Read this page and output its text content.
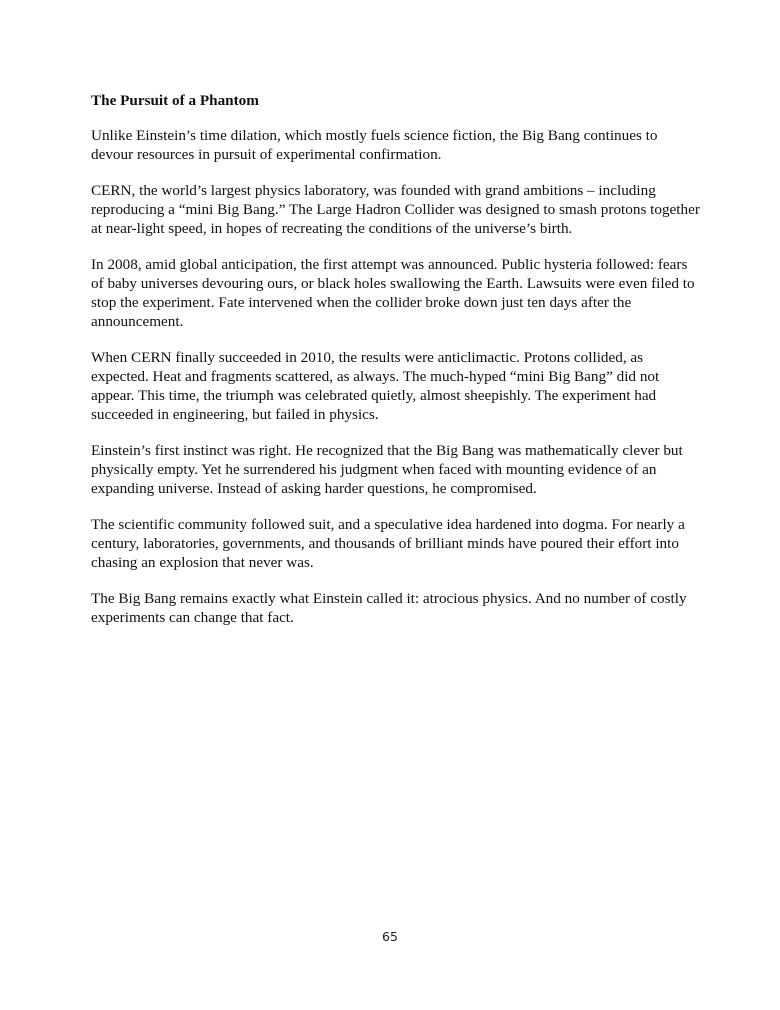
The Pursuit of a Phantom

Unlike Einstein’s time dilation, which mostly fuels science fiction, the Big Bang continues to devour resources in pursuit of experimental confirmation.

CERN, the world’s largest physics laboratory, was founded with grand ambitions – including reproducing a “mini Big Bang.” The Large Hadron Collider was designed to smash protons together at near-light speed, in hopes of recreating the conditions of the universe’s birth.

In 2008, amid global anticipation, the first attempt was announced. Public hysteria followed: fears of baby universes devouring ours, or black holes swallowing the Earth. Lawsuits were even filed to stop the experiment. Fate intervened when the collider broke down just ten days after the announcement.

When CERN finally succeeded in 2010, the results were anticlimactic. Protons collided, as expected. Heat and fragments scattered, as always. The much-hyped “mini Big Bang” did not appear. This time, the triumph was celebrated quietly, almost sheepishly. The experiment had succeeded in engineering, but failed in physics.

Einstein’s first instinct was right. He recognized that the Big Bang was mathematically clever but physically empty. Yet he surrendered his judgment when faced with mounting evidence of an expanding universe. Instead of asking harder questions, he compromised.

The scientific community followed suit, and a speculative idea hardened into dogma. For nearly a century, laboratories, governments, and thousands of brilliant minds have poured their effort into chasing an explosion that never was.

The Big Bang remains exactly what Einstein called it: atrocious physics. And no number of costly experiments can change that fact.

65
